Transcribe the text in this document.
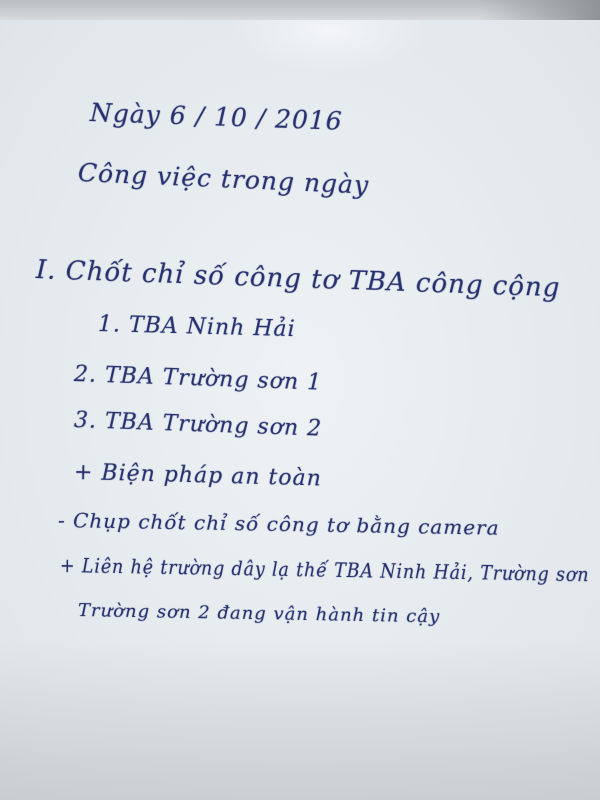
Ngày 6 / 10 / 2016
Công việc trong ngày
I. Chốt chỉ số công tơ TBA công cộng
1. TBA Ninh Hải
2. TBA Trường sơn 1
3. TBA Trường sơn 2
+ Biện pháp an toàn
- Chụp chốt chỉ số công tơ bằng camera
+ Liên hệ trường dây lạ thế TBA Ninh Hải, Trường sơn
Trường sơn 2 đang vận hành tin cậy
